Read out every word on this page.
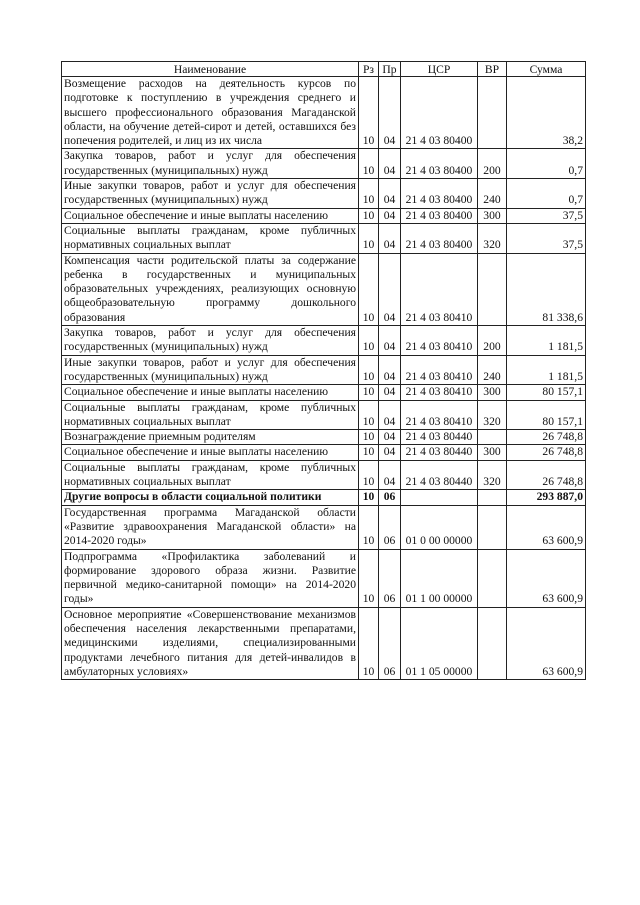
Наименование	Рз	Пр	ЦСР	ВР	Сумма
Возмещение расходов на деятельность курсов по подготовке к поступлению в учреждения среднего и высшего профессионального образования Магаданской области, на обучение детей-сирот и детей, оставшихся без попечения родителей, и лиц из их числа	10	04	21 4 03 80400		38,2
Закупка товаров, работ и услуг для обеспечения государственных (муниципальных) нужд	10	04	21 4 03 80400	200	0,7
Иные закупки товаров, работ и услуг для обеспечения государственных (муниципальных) нужд	10	04	21 4 03 80400	240	0,7
Социальное обеспечение и иные выплаты населению	10	04	21 4 03 80400	300	37,5
Социальные выплаты гражданам, кроме публичных нормативных социальных выплат	10	04	21 4 03 80400	320	37,5
Компенсация части родительской платы за содержание ребенка в государственных и муниципальных образовательных учреждениях, реализующих основную общеобразовательную программу дошкольного образования	10	04	21 4 03 80410		81 338,6
Закупка товаров, работ и услуг для обеспечения государственных (муниципальных) нужд	10	04	21 4 03 80410	200	1 181,5
Иные закупки товаров, работ и услуг для обеспечения государственных (муниципальных) нужд	10	04	21 4 03 80410	240	1 181,5
Социальное обеспечение и иные выплаты населению	10	04	21 4 03 80410	300	80 157,1
Социальные выплаты гражданам, кроме публичных нормативных социальных выплат	10	04	21 4 03 80410	320	80 157,1
Вознаграждение приемным родителям	10	04	21 4 03 80440		26 748,8
Социальное обеспечение и иные выплаты населению	10	04	21 4 03 80440	300	26 748,8
Социальные выплаты гражданам, кроме публичных нормативных социальных выплат	10	04	21 4 03 80440	320	26 748,8
Другие вопросы в области социальной политики	10	06			293 887,0
Государственная программа Магаданской области «Развитие здравоохранения Магаданской области» на 2014-2020 годы»	10	06	01 0 00 00000		63 600,9
Подпрограмма «Профилактика заболеваний и формирование здорового образа жизни. Развитие первичной медико-санитарной помощи» на 2014-2020 годы»	10	06	01 1 00 00000		63 600,9
Основное мероприятие «Совершенствование механизмов обеспечения населения лекарственными препаратами, медицинскими изделиями, специализированными продуктами лечебного питания для детей-инвалидов в амбулаторных условиях»	10	06	01 1 05 00000		63 600,9
